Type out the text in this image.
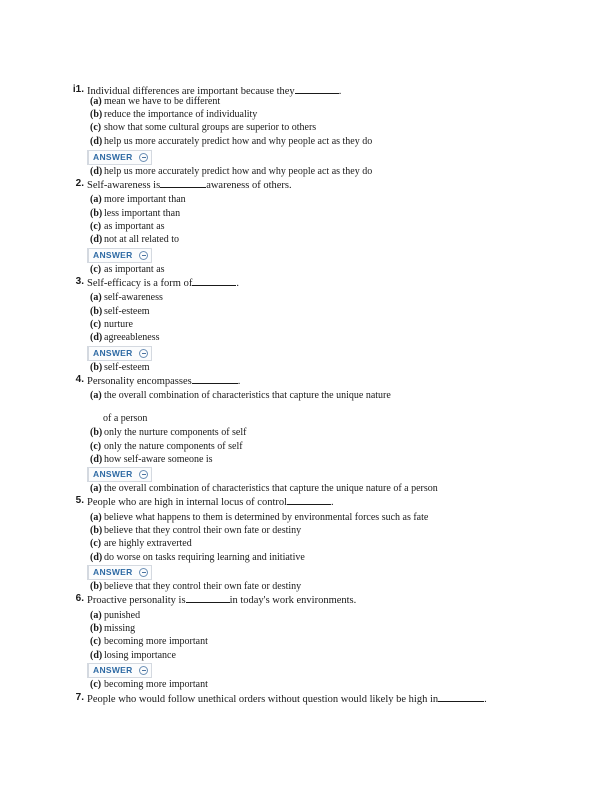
i1. Individual differences are important because they	.
(a) mean we have to be different
(b) reduce the importance of individuality
(c) show that some cultural groups are superior to others
(d) help us more accurately predict how and why people act as they do
ANSWER
(d) help us more accurately predict how and why people act as they do
2. Self-awareness is	awareness of others.
(a) more important than
(b) less important than
(c) as important as
(d) not at all related to
ANSWER
(c) as important as
3. Self-efficacy is a form of	.
(a) self-awareness
(b) self-esteem
(c) nurture
(d) agreeableness
ANSWER
(b) self-esteem
4. Personality encompasses	.
(a) the overall combination of characteristics that capture the unique nature
of a person
(b) only the nurture components of self
(c) only the nature components of self
(d) how self-aware someone is
ANSWER
(a) the overall combination of characteristics that capture the unique nature of a person
5. People who are high in internal locus of control	.
(a) believe what happens to them is determined by environmental forces such as fate
(b) believe that they control their own fate or destiny
(c) are highly extraverted
(d) do worse on tasks requiring learning and initiative
ANSWER
(b) believe that they control their own fate or destiny
6. Proactive personality is	in today's work environments.
(a) punished
(b) missing
(c) becoming more important
(d) losing importance
ANSWER
(c) becoming more important
7. People who would follow unethical orders without question would likely be high in	.
